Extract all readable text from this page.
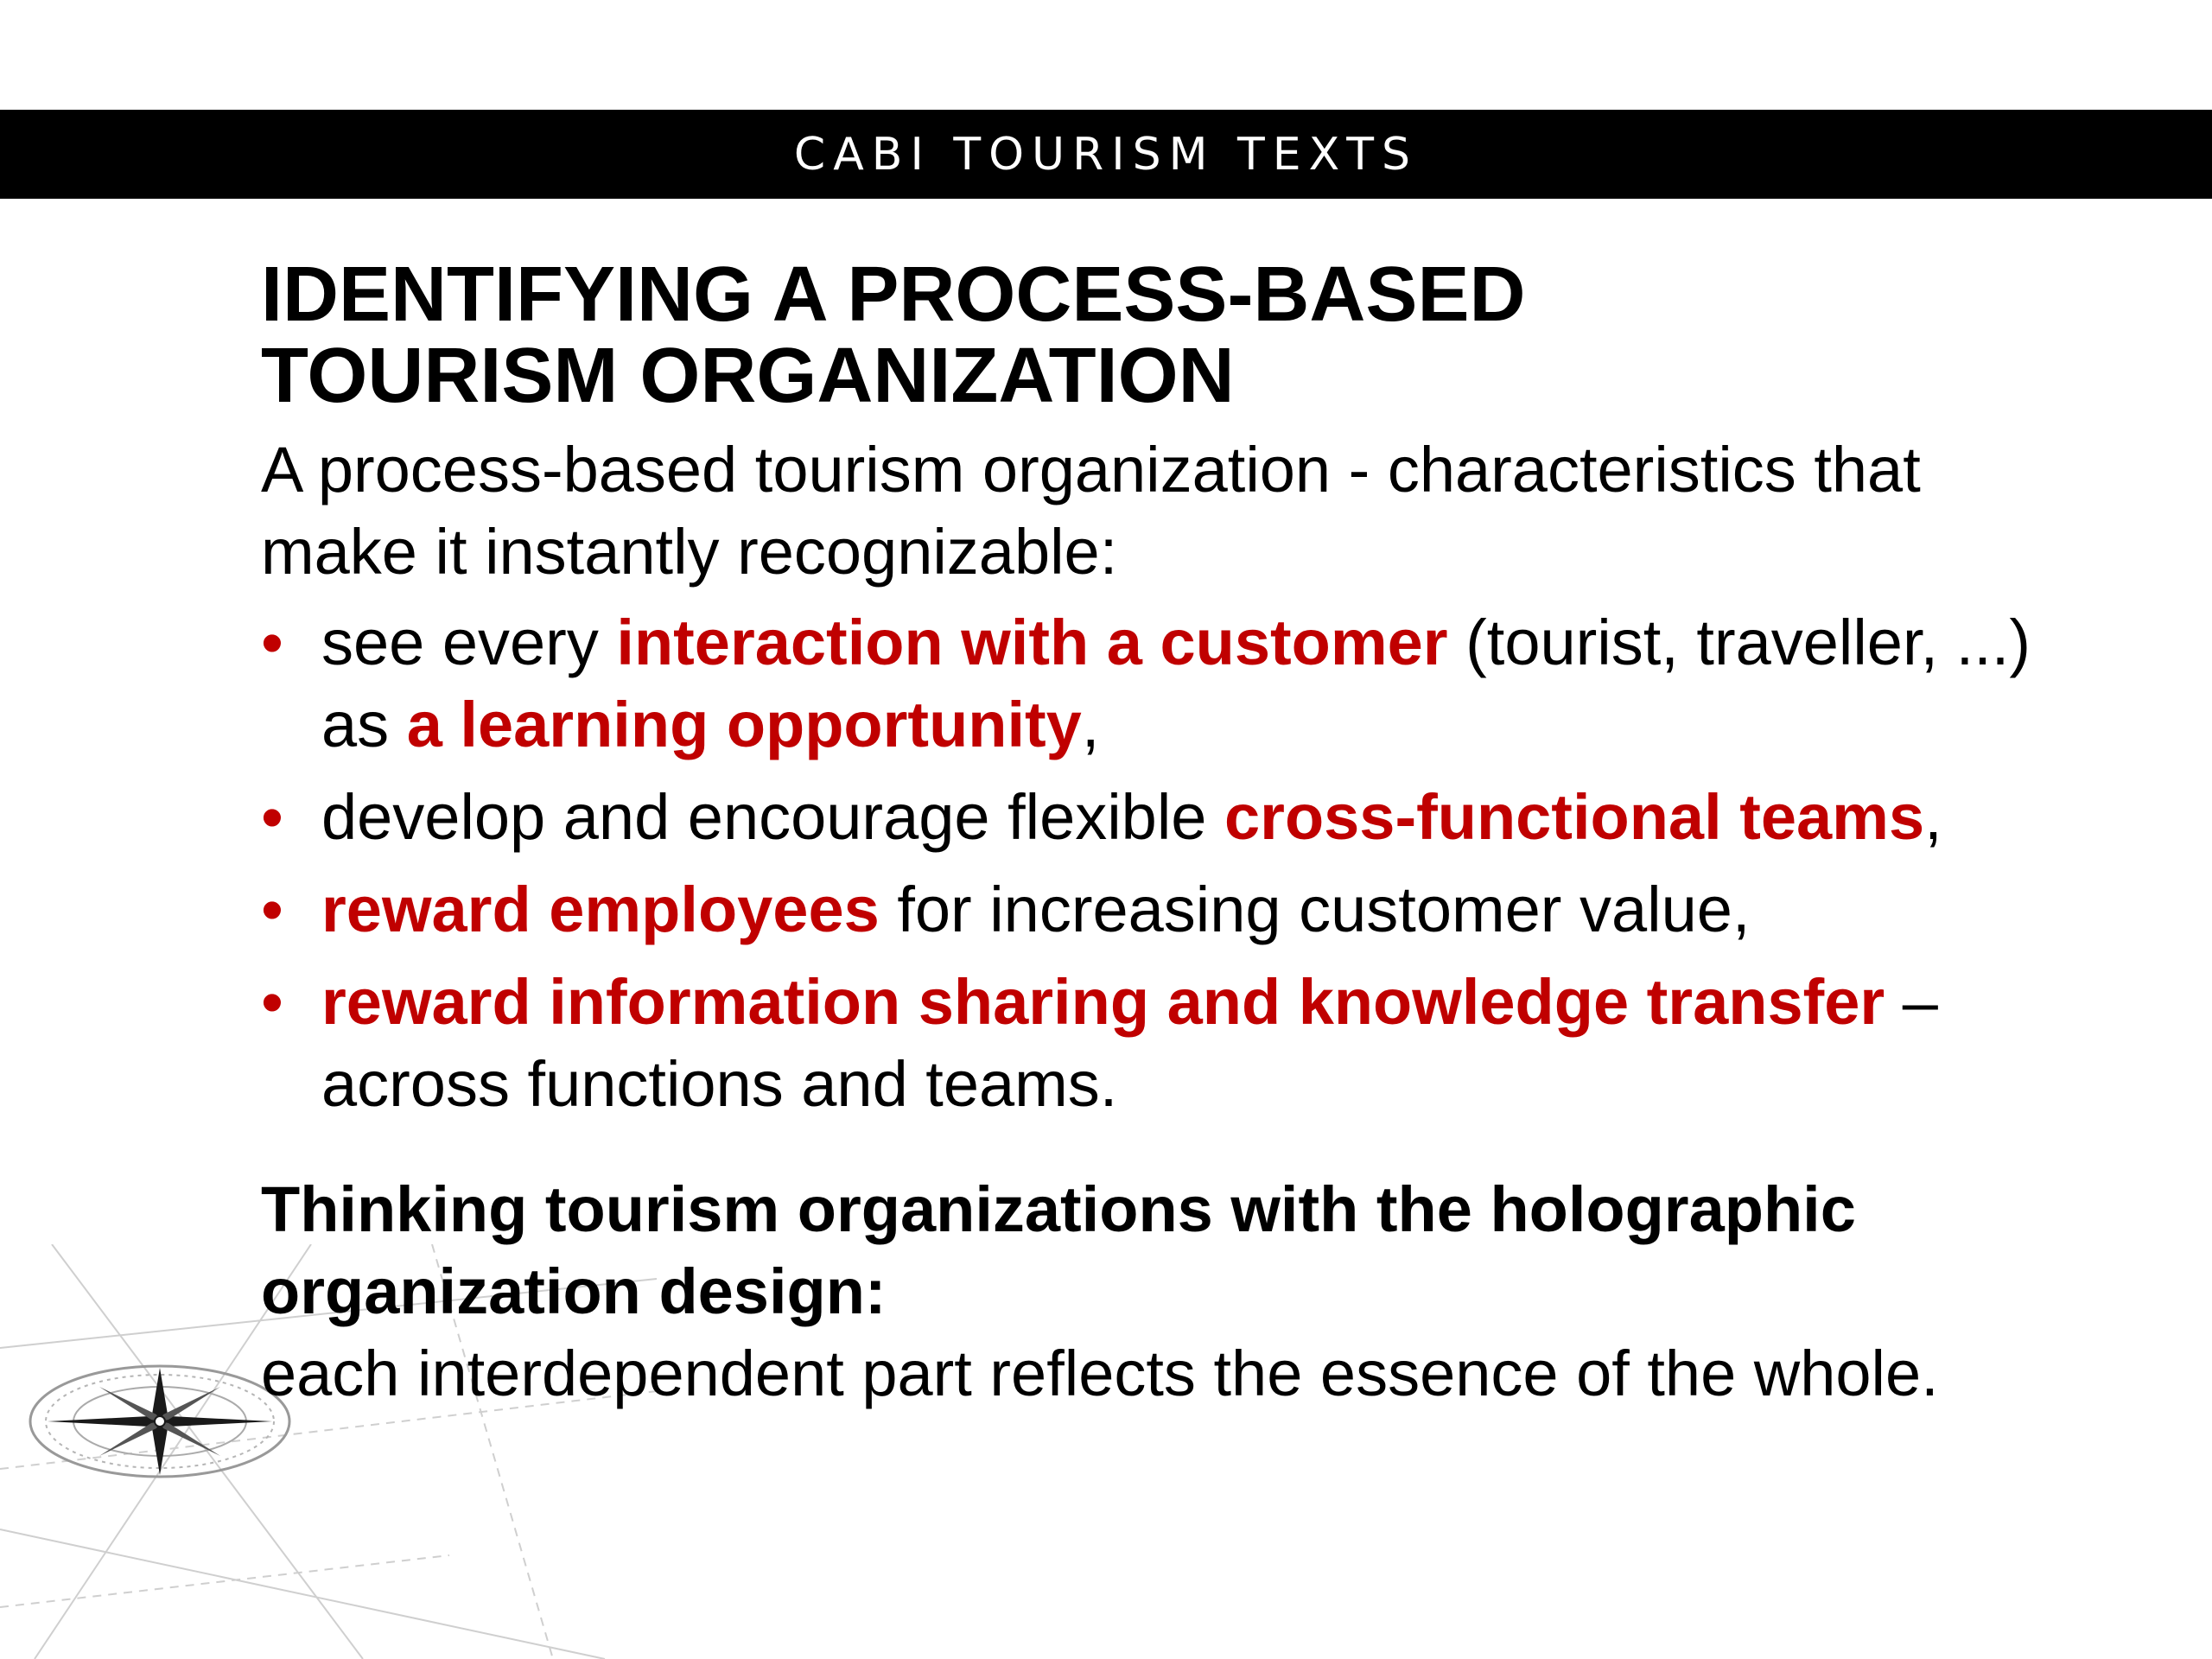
CABI TOURISM TEXTS
IDENTIFYING A PROCESS-BASED
TOURISM ORGANIZATION

A process-based tourism organization - characteristics that make it instantly recognizable:

• see every interaction with a customer (tourist, traveller, ...) as a learning opportunity,
• develop and encourage flexible cross-functional teams,
• reward employees for increasing customer value,
• reward information sharing and knowledge transfer – across functions and teams.

Thinking tourism organizations with the holographic organization design:

each interdependent part reflects the essence of the whole.
